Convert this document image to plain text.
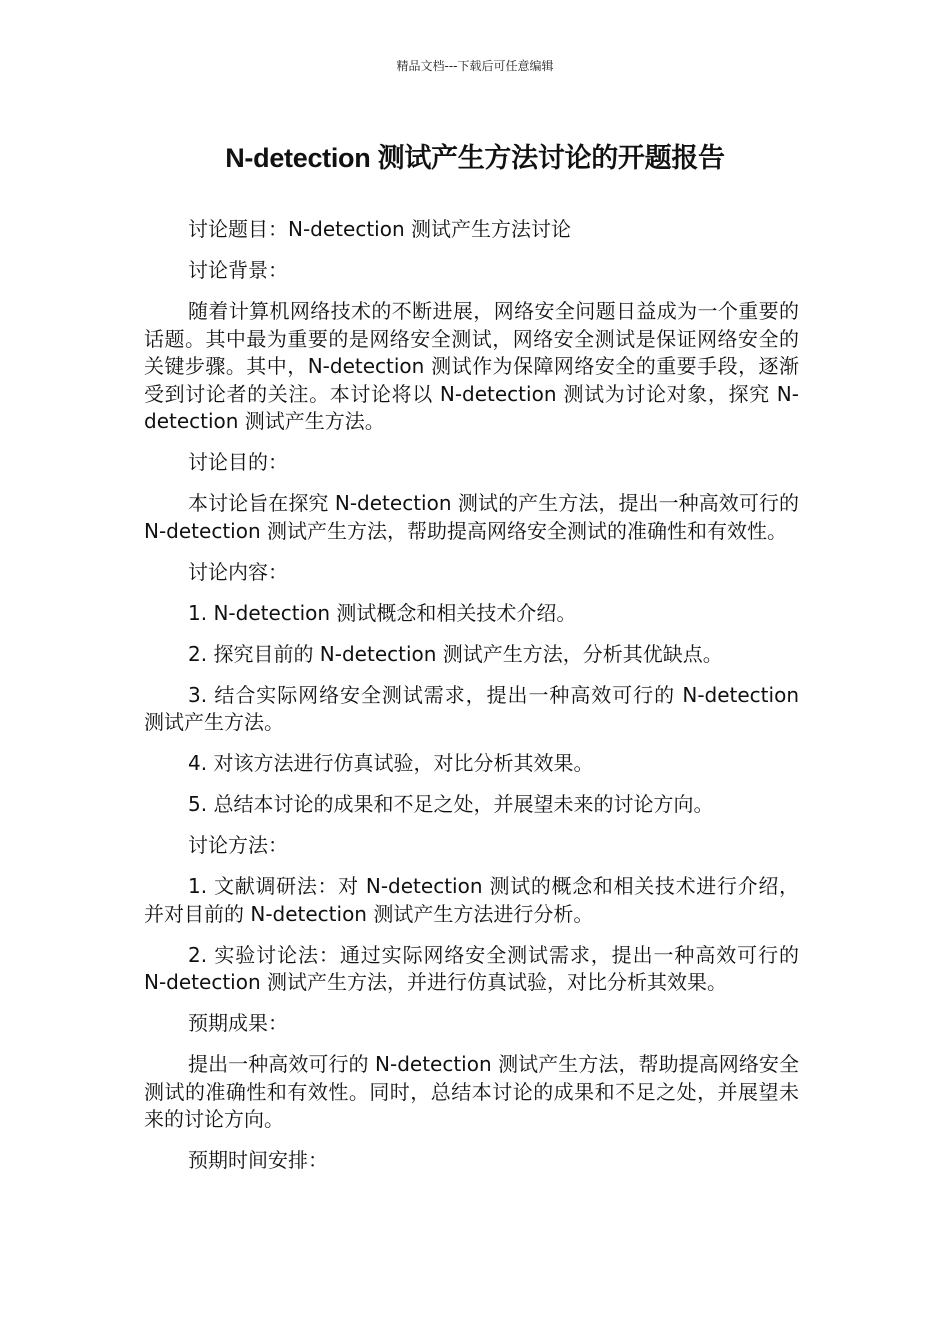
精品文档---下载后可任意编辑
N-detection 测试产生方法讨论的开题报告

讨论题目：N-detection 测试产生方法讨论

讨论背景：

随着计算机网络技术的不断进展，网络安全问题日益成为一个重要的话题。其中最为重要的是网络安全测试，网络安全测试是保证网络安全的关键步骤。其中，N-detection 测试作为保障网络安全的重要手段，逐渐受到讨论者的关注。本讨论将以 N-detection 测试为讨论对象，探究 N-detection 测试产生方法。

讨论目的：

本讨论旨在探究 N-detection 测试的产生方法，提出一种高效可行的 N-detection 测试产生方法，帮助提高网络安全测试的准确性和有效性。

讨论内容：

1. N-detection 测试概念和相关技术介绍。

2. 探究目前的 N-detection 测试产生方法，分析其优缺点。

3. 结合实际网络安全测试需求，提出一种高效可行的 N-detection 测试产生方法。

4. 对该方法进行仿真试验，对比分析其效果。

5. 总结本讨论的成果和不足之处，并展望未来的讨论方向。

讨论方法：

1. 文献调研法：对 N-detection 测试的概念和相关技术进行介绍，并对目前的 N-detection 测试产生方法进行分析。

2. 实验讨论法：通过实际网络安全测试需求，提出一种高效可行的 N-detection 测试产生方法，并进行仿真试验，对比分析其效果。

预期成果：

提出一种高效可行的 N-detection 测试产生方法，帮助提高网络安全测试的准确性和有效性。同时，总结本讨论的成果和不足之处，并展望未来的讨论方向。

预期时间安排：
